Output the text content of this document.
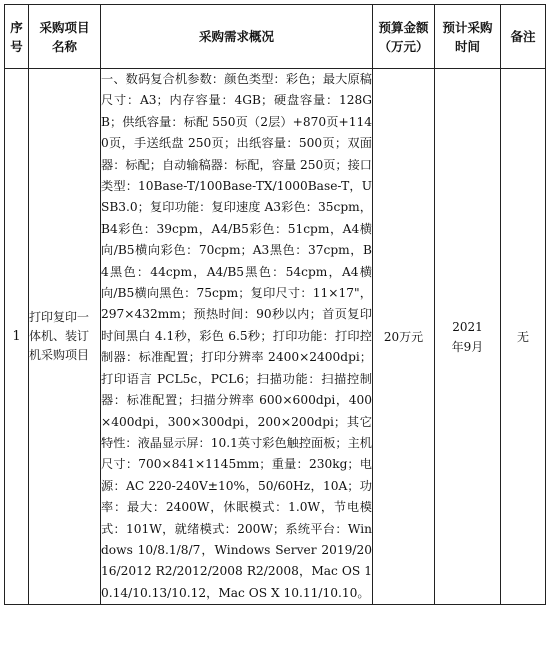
序号	采购项目名称	采购需求概况	预算金额（万元）	预计采购时间	备注
1	打印复印一体机、装订机采购项目	一、数码复合机参数：颜色类型：彩色；最大原稿尺寸：A3；内存容量：4GB；硬盘容量：128GB；供纸容量：标配 550页（2层）+870页+1140页，手送纸盘 250页；出纸容量：500页；双面器：标配；自动输稿器：标配，容量 250页；接口类型：10Base-T/100Base-TX/1000Base-T，USB3.0；复印功能：复印速度 A3彩色：35cpm，B4彩色：39cpm，A4/B5彩色：51cpm，A4横向/B5横向彩色：70cpm；A3黑色：37cpm，B4黑色：44cpm，A4/B5黑色：54cpm，A4横向/B5横向黑色：75cpm；复印尺寸：11×17"，297×432mm；预热时间：90秒以内；首页复印时间黑白 4.1秒，彩色 6.5秒；打印功能：打印控制器：标准配置；打印分辨率 2400×2400dpi；打印语言 PCL5c，PCL6；扫描功能：扫描控制器：标准配置；扫描分辨率 600×600dpi，400×400dpi，300×300dpi，200×200dpi；其它特性：液晶显示屏：10.1英寸彩色触控面板；主机尺寸：700×841×1145mm；重量：230kg；电源：AC 220-240V±10%，50/60Hz，10A；功率：最大：2400W，休眠模式：1.0W，节电模式：101W，就绪模式：200W；系统平台：Windows 10/8.1/8/7，Windows Server 2019/2016/2012 R2/2012/2008 R2/2008，Mac OS 10.14/10.13/10.12，Mac OS X 10.11/10.10。	20万元	2021年9月	无
